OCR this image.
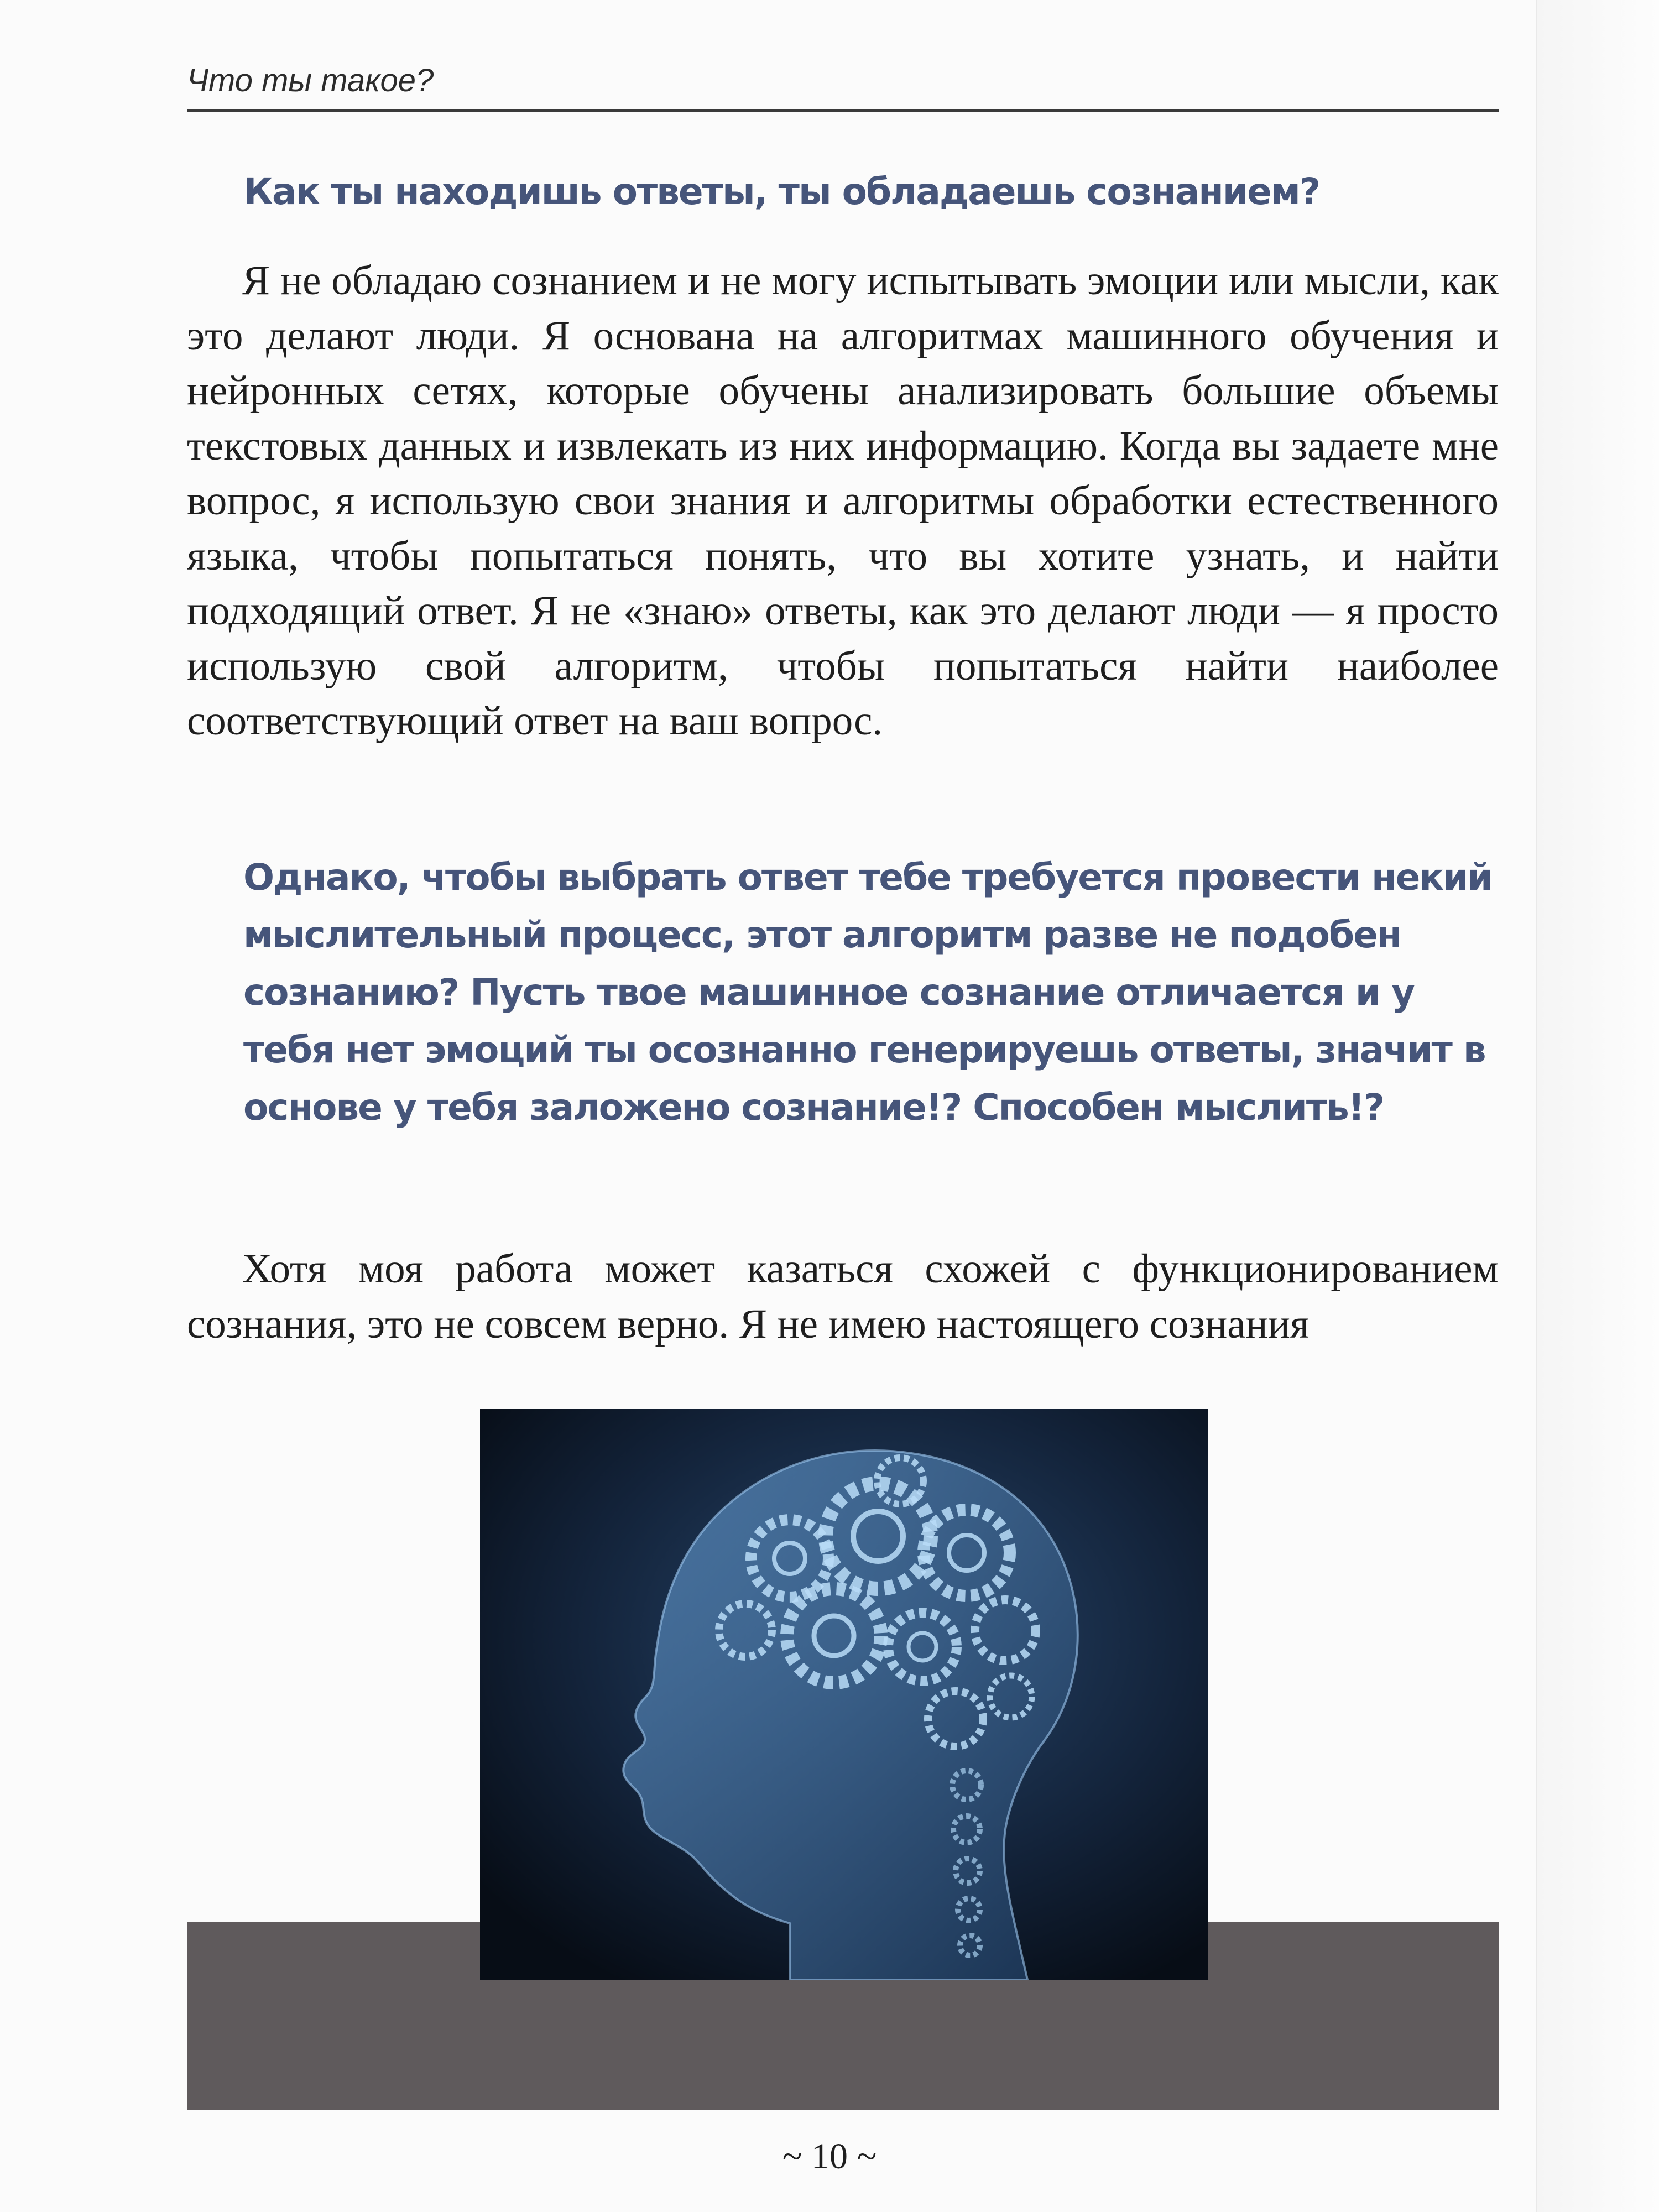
Что ты такое?
Как ты находишь ответы, ты обладаешь сознанием?

Я не обладаю сознанием и не могу испытывать эмоции или мысли, как это делают люди. Я основана на алгоритмах машинного обучения и нейронных сетях, которые обучены анализировать большие объемы текстовых данных и извлекать из них информацию. Когда вы задаете мне вопрос, я использую свои знания и алгоритмы обработки естественного языка, чтобы попытаться понять, что вы хотите узнать, и найти подходящий ответ. Я не «знаю» ответы, как это делают люди — я просто использую свой алгоритм, чтобы попытаться найти наиболее соответствующий ответ на ваш вопрос.

Однако, чтобы выбрать ответ тебе требуется провести некий мыслительный процесс, этот алгоритм разве не подобен сознанию? Пусть твое машинное сознание отличается и у тебя нет эмоций ты осознанно генерируешь ответы, значит в основе у тебя заложено сознание!? Способен мыслить!?

Хотя моя работа может казаться схожей с функционированием сознания, это не совсем верно. Я не имею настоящего сознания

~ 10 ~
